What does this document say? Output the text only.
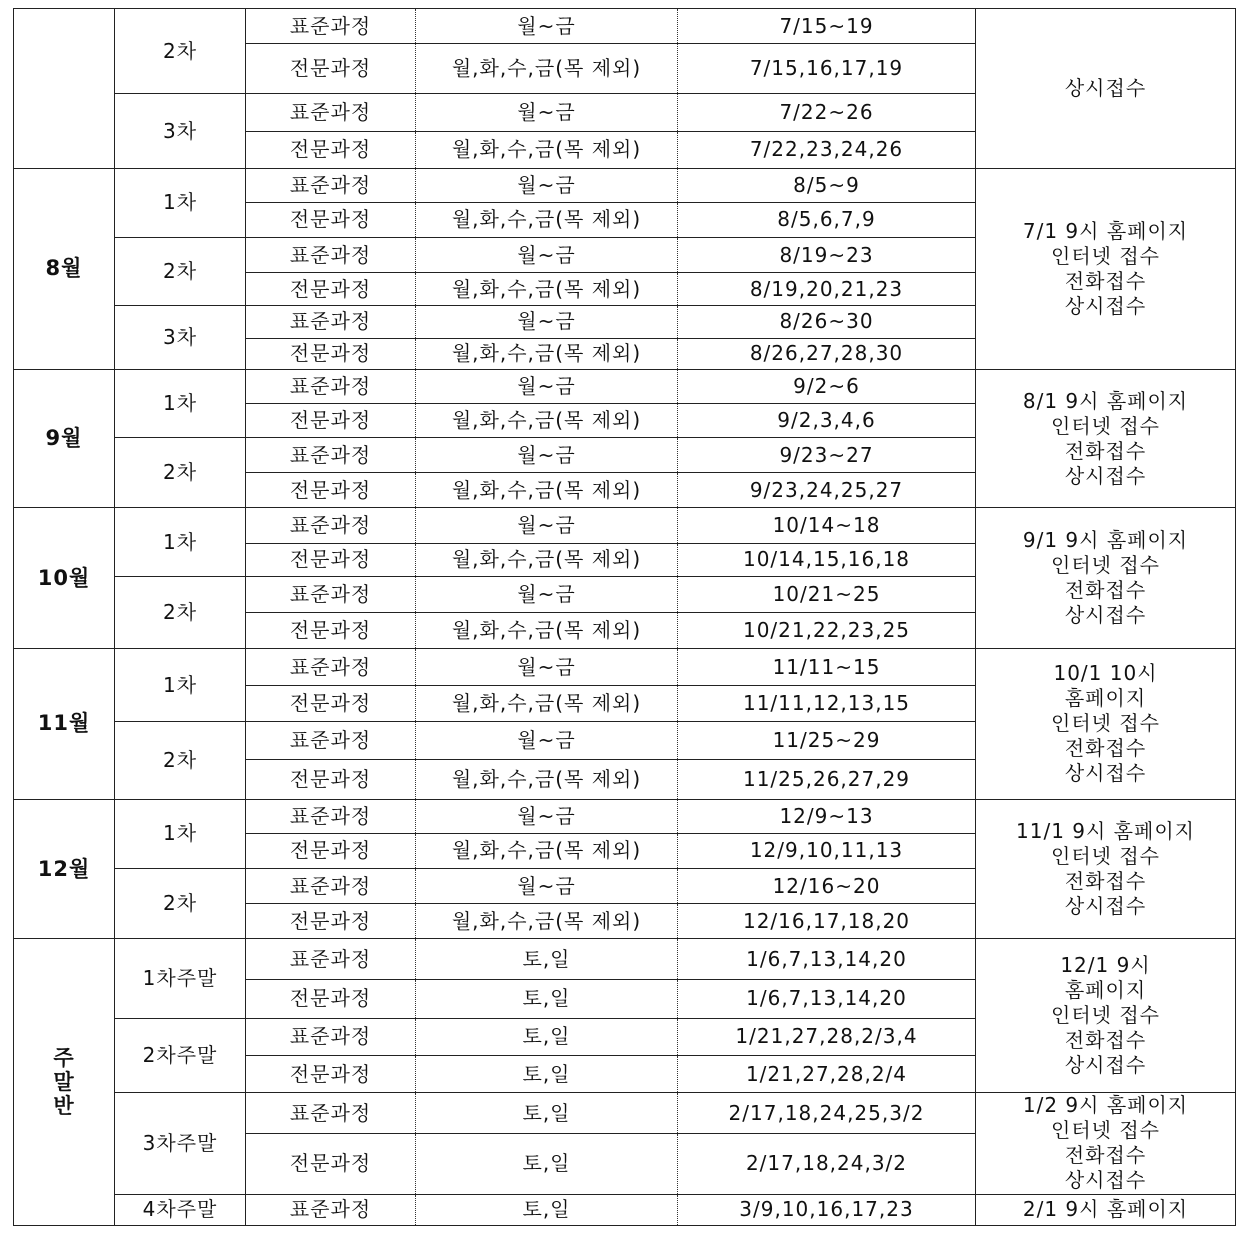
	2차	표준과정	월~금	7/15~19	상시접수
		전문과정	월,화,수,금(목 제외)	7/15,16,17,19	
	3차	표준과정	월~금	7/22~26	
		전문과정	월,화,수,금(목 제외)	7/22,23,24,26	
8월	1차	표준과정	월~금	8/5~9	7/1 9시 홈페이지
인터넷 접수
전화접수
상시접수
		전문과정	월,화,수,금(목 제외)	8/5,6,7,9	
	2차	표준과정	월~금	8/19~23	
		전문과정	월,화,수,금(목 제외)	8/19,20,21,23	
	3차	표준과정	월~금	8/26~30	
		전문과정	월,화,수,금(목 제외)	8/26,27,28,30	
9월	1차	표준과정	월~금	9/2~6	8/1 9시 홈페이지
인터넷 접수
전화접수
상시접수
		전문과정	월,화,수,금(목 제외)	9/2,3,4,6	
	2차	표준과정	월~금	9/23~27	
		전문과정	월,화,수,금(목 제외)	9/23,24,25,27	
10월	1차	표준과정	월~금	10/14~18	9/1 9시 홈페이지
인터넷 접수
전화접수
상시접수
		전문과정	월,화,수,금(목 제외)	10/14,15,16,18	
	2차	표준과정	월~금	10/21~25	
		전문과정	월,화,수,금(목 제외)	10/21,22,23,25	
11월	1차	표준과정	월~금	11/11~15	10/1 10시
홈페이지
인터넷 접수
전화접수
상시접수
		전문과정	월,화,수,금(목 제외)	11/11,12,13,15	
	2차	표준과정	월~금	11/25~29	
		전문과정	월,화,수,금(목 제외)	11/25,26,27,29	
12월	1차	표준과정	월~금	12/9~13	11/1 9시 홈페이지
인터넷 접수
전화접수
상시접수
		전문과정	월,화,수,금(목 제외)	12/9,10,11,13	
	2차	표준과정	월~금	12/16~20	
		전문과정	월,화,수,금(목 제외)	12/16,17,18,20	
주
말
반	1차주말	표준과정	토,일	1/6,7,13,14,20	12/1 9시
홈페이지
인터넷 접수
전화접수
상시접수
		전문과정	토,일	1/6,7,13,14,20	
	2차주말	표준과정	토,일	1/21,27,28,2/3,4	
		전문과정	토,일	1/21,27,28,2/4	
	3차주말	표준과정	토,일	2/17,18,24,25,3/2	1/2 9시 홈페이지
인터넷 접수
전화접수
상시접수
		전문과정	토,일	2/17,18,24,3/2	
	4차주말	표준과정	토,일	3/9,10,16,17,23	2/1 9시 홈페이지
